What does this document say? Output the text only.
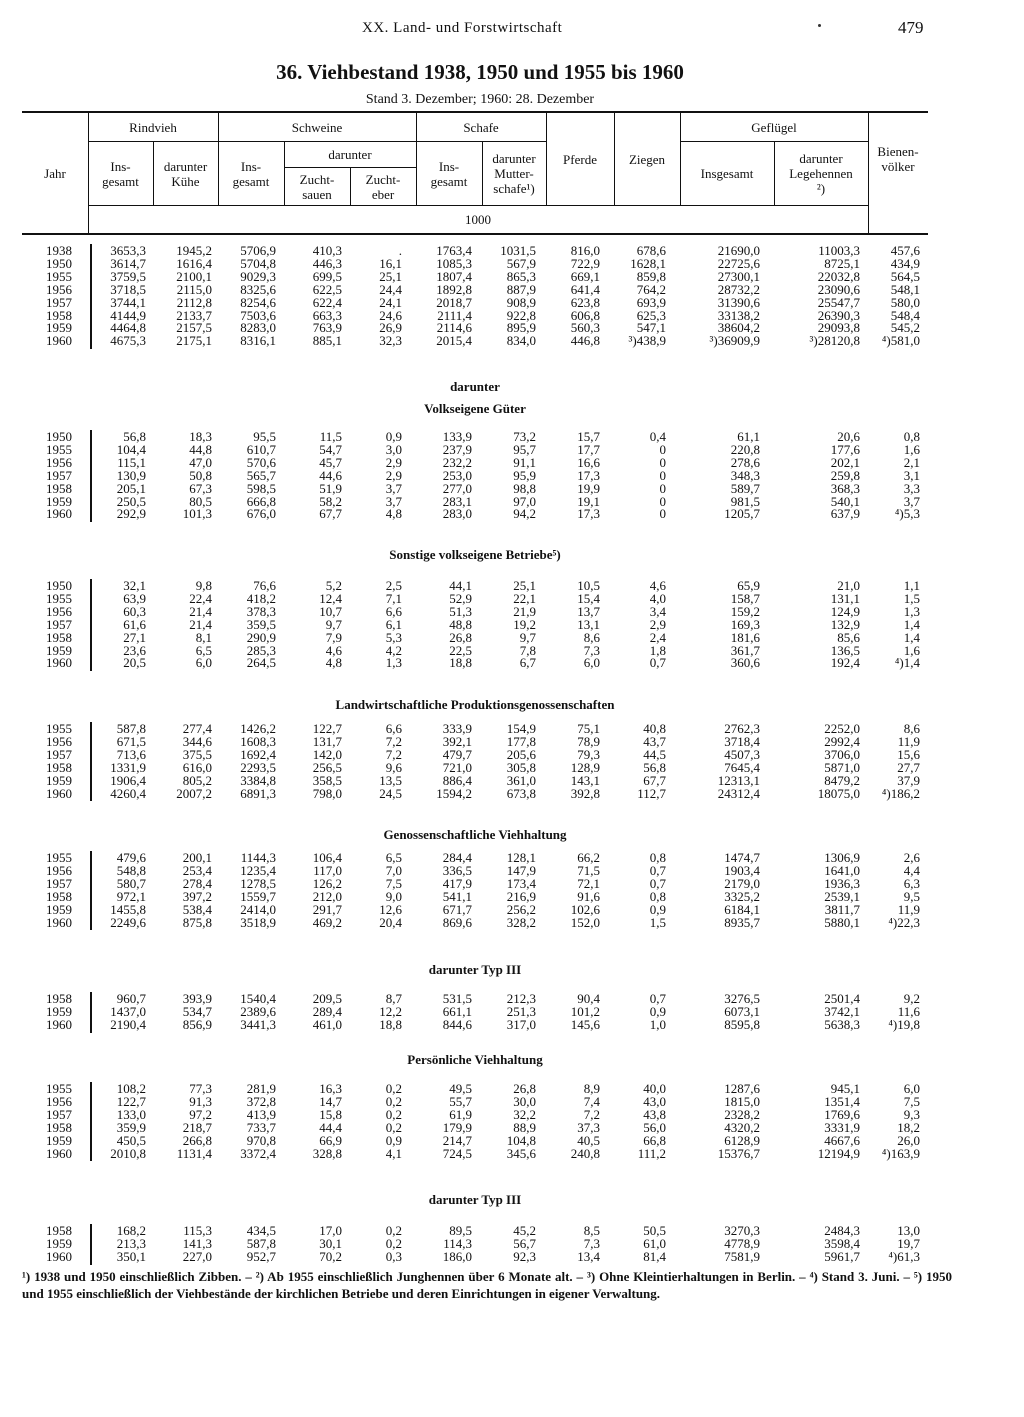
XX. Land- und Forstwirtschaft	479
36. Viehbestand 1938, 1950 und 1955 bis 1960
Stand 3. Dezember; 1960: 28. Dezember
Jahr
Rindvieh
Ins-
gesamt
darunter
Kühe
Schweine
Ins-
gesamt
darunter
Zucht-
sauen
Zucht-
eber
Schafe
Ins-
gesamt
darunter
Mutter-
schafe¹)
Pferde	Ziegen
Geflügel
Insgesamt
darunter
Legehennen
²)
Bienen-
völker
1000
1938	3653,3 1945,2 5706,9	410,3	.	1763,4 1031,5	816,0	678,6	21690,0	11003,3 457,6
1950	3614,7 1616,4 5704,8	446,3	16,1	1085,3	567,9	722,9 1628,1	22725,6	8725,1 434,9
1955	3759,5 2100,1 9029,3	699,5	25,1	1807,4	865,3	669,1	859,8	27300,1	22032,8 564,5
1956	3718,5 2115,0 8325,6	622,5	24,4	1892,8	887,9	641,4	764,2	28732,2	23090,6 548,1
1957	3744,1 2112,8 8254,6	622,4	24,1	2018,7	908,9	623,8	693,9	31390,6	25547,7 580,0
1958	4144,9 2133,7 7503,6	663,3	24,6	2111,4	922,8	606,8	625,3	33138,2	26390,3 548,4
1959	4464,8 2157,5 8283,0	763,9	26,9	2114,6	895,9	560,3	547,1	38604,2	29093,8 545,2
1960	4675,3 2175,1 8316,1	885,1	32,3	2015,4	834,0	446,8 ³)438,9	³)36909,9	³)28120,8 ⁴)581,0
darunter
Volkseigene Güter
1950	56,8	18,3	95,5	11,5	0,9	133,9	73,2	15,7	0,4	61,1	20,6	0,8
1955	104,4	44,8	610,7	54,7	3,0	237,9	95,7	17,7	0	220,8	177,6	1,6
1956	115,1	47,0	570,6	45,7	2,9	232,2	91,1	16,6	0	278,6	202,1	2,1
1957	130,9	50,8	565,7	44,6	2,9	253,0	95,9	17,3	0	348,3	259,8	3,1
1958	205,1	67,3	598,5	51,9	3,7	277,0	98,8	19,9	0	589,7	368,3	3,3
1959	250,5	80,5	666,8	58,2	3,7	283,1	97,0	19,1	0	981,5	540,1	3,7
1960	292,9	101,3	676,0	67,7	4,8	283,0	94,2	17,3	0	1205,7	637,9	⁴)5,3
Sonstige volkseigene Betriebe⁵)
1950	32,1	9,8	76,6	5,2	2,5	44,1	25,1	10,5	4,6	65,9	21,0	1,1
1955	63,9	22,4	418,2	12,4	7,1	52,9	22,1	15,4	4,0	158,7	131,1	1,5
1956	60,3	21,4	378,3	10,7	6,6	51,3	21,9	13,7	3,4	159,2	124,9	1,3
1957	61,6	21,4	359,5	9,7	6,1	48,8	19,2	13,1	2,9	169,3	132,9	1,4
1958	27,1	8,1	290,9	7,9	5,3	26,8	9,7	8,6	2,4	181,6	85,6	1,4
1959	23,6	6,5	285,3	4,6	4,2	22,5	7,8	7,3	1,8	361,7	136,5	1,6
1960	20,5	6,0	264,5	4,8	1,3	18,8	6,7	6,0	0,7	360,6	192,4	⁴)1,4
Landwirtschaftliche Produktionsgenossenschaften
1955	587,8	277,4 1426,2	122,7	6,6	333,9	154,9	75,1	40,8	2762,3	2252,0	8,6
1956	671,5	344,6 1608,3	131,7	7,2	392,1	177,8	78,9	43,7	3718,4	2992,4	11,9
1957	713,6	375,5 1692,4	142,0	7,2	479,7	205,6	79,3	44,5	4507,3	3706,0	15,6
1958	1331,9	616,0 2293,5	256,5	9,6	721,0	305,8	128,9	56,8	7645,4	5871,0	27,7
1959	1906,4	805,2 3384,8	358,5	13,5	886,4	361,0	143,1	67,7	12313,1	8479,2	37,9
1960	4260,4 2007,2 6891,3	798,0	24,5	1594,2	673,8	392,8	112,7	24312,4	18075,0 ⁴)186,2
Genossenschaftliche Viehhaltung
1955	479,6	200,1 1144,3	106,4	6,5	284,4	128,1	66,2	0,8	1474,7	1306,9	2,6
1956	548,8	253,4 1235,4	117,0	7,0	336,5	147,9	71,5	0,7	1903,4	1641,0	4,4
1957	580,7	278,4 1278,5	126,2	7,5	417,9	173,4	72,1	0,7	2179,0	1936,3	6,3
1958	972,1	397,2 1559,7	212,0	9,0	541,1	216,9	91,6	0,8	3325,2	2539,1	9,5
1959	1455,8	538,4 2414,0	291,7	12,6	671,7	256,2	102,6	0,9	6184,1	3811,7	11,9
1960	2249,6	875,8 3518,9	469,2	20,4	869,6	328,2	152,0	1,5	8935,7	5880,1 ⁴)22,3
darunter Typ III
1958	960,7	393,9 1540,4	209,5	8,7	531,5	212,3	90,4	0,7	3276,5	2501,4	9,2
1959	1437,0	534,7 2389,6	289,4	12,2	661,1	251,3	101,2	0,9	6073,1	3742,1	11,6
1960	2190,4	856,9 3441,3	461,0	18,8	844,6	317,0	145,6	1,0	8595,8	5638,3 ⁴)19,8
Persönliche Viehhaltung
1955	108,2	77,3	281,9	16,3	0,2	49,5	26,8	8,9	40,0	1287,6	945,1	6,0
1956	122,7	91,3	372,8	14,7	0,2	55,7	30,0	7,4	43,0	1815,0	1351,4	7,5
1957	133,0	97,2	413,9	15,8	0,2	61,9	32,2	7,2	43,8	2328,2	1769,6	9,3
1958	359,9	218,7	733,7	44,4	0,2	179,9	88,9	37,3	56,0	4320,2	3331,9	18,2
1959	450,5	266,8	970,8	66,9	0,9	214,7	104,8	40,5	66,8	6128,9	4667,6	26,0
1960	2010,8 1131,4 3372,4	328,8	4,1	724,5	345,6	240,8	111,2	15376,7	12194,9 ⁴)163,9
darunter Typ III
1958	168,2	115,3	434,5	17,0	0,2	89,5	45,2	8,5	50,5	3270,3	2484,3	13,0
1959	213,3	141,3	587,8	30,1	0,2	114,3	56,7	7,3	61,0	4778,9	3598,4	19,7
1960	350,1	227,0	952,7	70,2	0,3	186,0	92,3	13,4	81,4	7581,9	5961,7 ⁴)61,3
¹) 1938 und 1950 einschließlich Zibben. – ²) Ab 1955 einschließlich Junghennen über 6 Monate alt. – ³) Ohne Kleintierhaltungen in Berlin. – ⁴) Stand 3. Juni. – ⁵) 1950 und 1955 einschließlich der Viehbestände der kirchlichen Betriebe und deren Einrichtungen in eigener Verwaltung.
